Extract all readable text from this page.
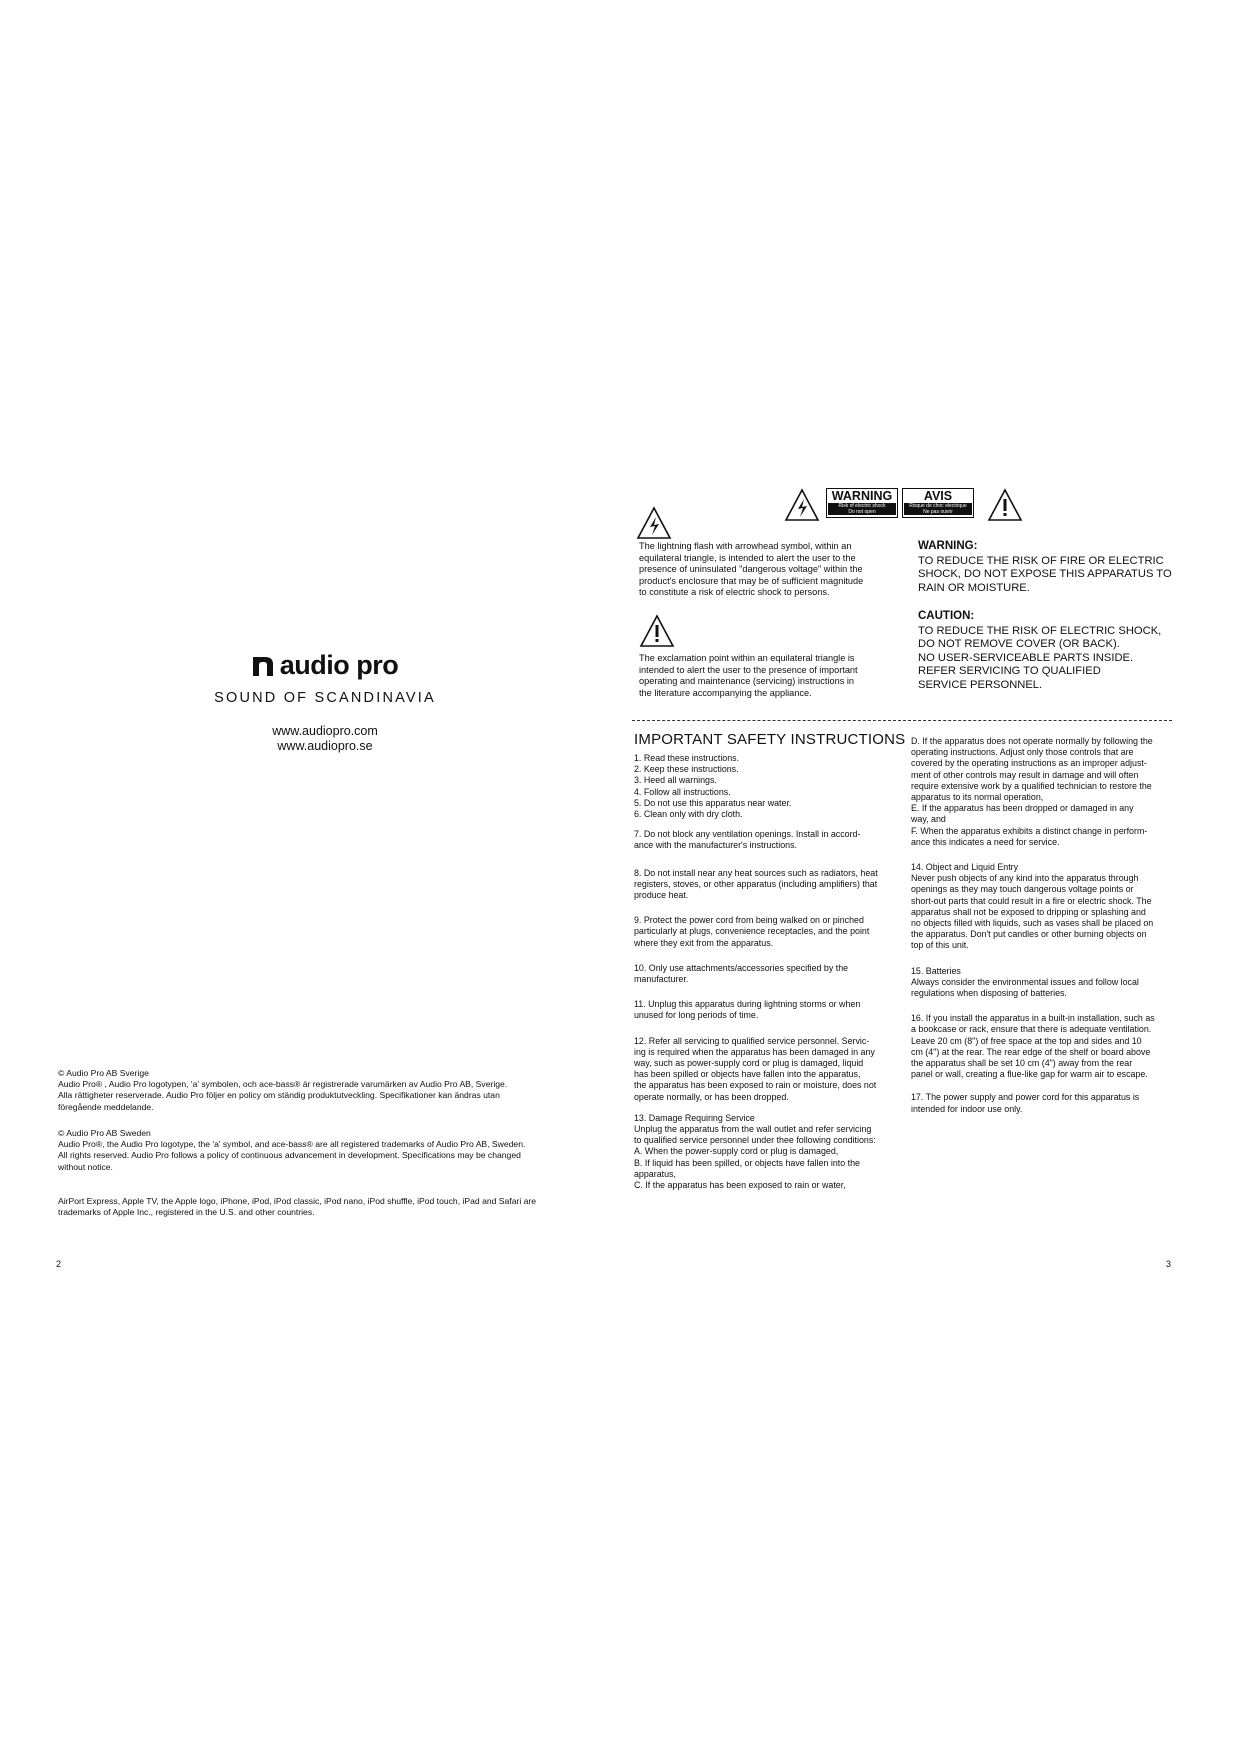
audio pro
SOUND OF SCANDINAVIA
www.audiopro.com
www.audiopro.se

© Audio Pro AB Sverige

Audio Pro® , Audio Pro logotypen, 'a' symbolen, och ace-bass® är registrerade varumärken av Audio Pro AB, Sverige.

Alla rättigheter reserverade. Audio Pro följer en policy om ständig produktutveckling. Specifikationer kan ändras utan

föregående meddelande.

© Audio Pro AB Sweden

Audio Pro®, the Audio Pro logotype, the 'a' symbol, and ace-bass® are all registered trademarks of Audio Pro AB, Sweden.

All rights reserved. Audio Pro follows a policy of continuous advancement in development. Specifications may be changed

without notice.

AirPort Express, Apple TV, the Apple logo, iPhone, iPod, iPod classic, iPod nano, iPod shuffle, iPod touch, iPad and Safari are

trademarks of Apple Inc., registered in the U.S. and other countries.

2
WARNING
Risk of electric shock
Do not open
AVIS
Risque de choc electrique
Ne pas ouvrir
The lightning flash with arrowhead symbol, within an
equilateral triangle, is intended to alert the user to the
presence of uninsulated "dangerous voltage" within the
product's enclosure that may be of sufficient magnitude
to constitute a risk of electric shock to persons.
The exclamation point within an equilateral triangle is
intended to alert the user to the presence of important
operating and maintenance (servicing) instructions in
the literature accompanying the appliance.
WARNING:
TO REDUCE THE RISK OF FIRE OR ELECTRIC
SHOCK, DO NOT EXPOSE THIS APPARATUS TO
RAIN OR MOISTURE.
CAUTION:
TO REDUCE THE RISK OF ELECTRIC SHOCK,
DO NOT REMOVE COVER (OR BACK).
NO USER-SERVICEABLE PARTS INSIDE.
REFER SERVICING TO QUALIFIED
SERVICE PERSONNEL.
IMPORTANT SAFETY INSTRUCTIONS

1. Read these instructions.
2. Keep these instructions.
3. Heed all warnings.
4. Follow all instructions.
5. Do not use this apparatus near water.
6. Clean only with dry cloth.

7. Do not block any ventilation openings. Install in accord-
ance with the manufacturer's instructions.

8. Do not install near any heat sources such as radiators, heat
registers, stoves, or other apparatus (including amplifiers) that
produce heat.

9. Protect the power cord from being walked on or pinched
particularly at plugs, convenience receptacles, and the point
where they exit from the apparatus.

10. Only use attachments/accessories specified by the
manufacturer.

11. Unplug this apparatus during lightning storms or when
unused for long periods of time.

12. Refer all servicing to qualified service personnel. Servic-
ing is required when the apparatus has been damaged in any
way, such as power-supply cord or plug is damaged, liquid
has been spilled or objects have fallen into the apparatus,
the apparatus has been exposed to rain or moisture, does not
operate normally, or has been dropped.

13. Damage Requiring Service
Unplug the apparatus from the wall outlet and refer servicing
to qualified service personnel under thee following conditions:
A. When the power-supply cord or plug is damaged,
B. If liquid has been spilled, or objects have fallen into the
apparatus,
C. If the apparatus has been exposed to rain or water,

D. If the apparatus does not operate normally by following the
operating instructions. Adjust only those controls that are
covered by the operating instructions as an improper adjust-
ment of other controls may result in damage and will often
require extensive work by a qualified technician to restore the
apparatus to its normal operation,
E. If the apparatus has been dropped or damaged in any
way, and
F. When the apparatus exhibits a distinct change in perform-
ance this indicates a need for service.

14. Object and Liquid Entry
Never push objects of any kind into the apparatus through
openings as they may touch dangerous voltage points or
short-out parts that could result in a fire or electric shock. The
apparatus shall not be exposed to dripping or splashing and
no objects filled with liquids, such as vases shall be placed on
the apparatus. Don't put candles or other burning objects on
top of this unit.

15. Batteries
Always consider the environmental issues and follow local
regulations when disposing of batteries.

16. If you install the apparatus in a built-in installation, such as
a bookcase or rack, ensure that there is adequate ventilation.
Leave 20 cm (8") of free space at the top and sides and 10
cm (4") at the rear. The rear edge of the shelf or board above
the apparatus shall be set 10 cm (4") away from the rear
panel or wall, creating a flue-like gap for warm air to escape.

17. The power supply and power cord for this apparatus is
intended for indoor use only.

3
